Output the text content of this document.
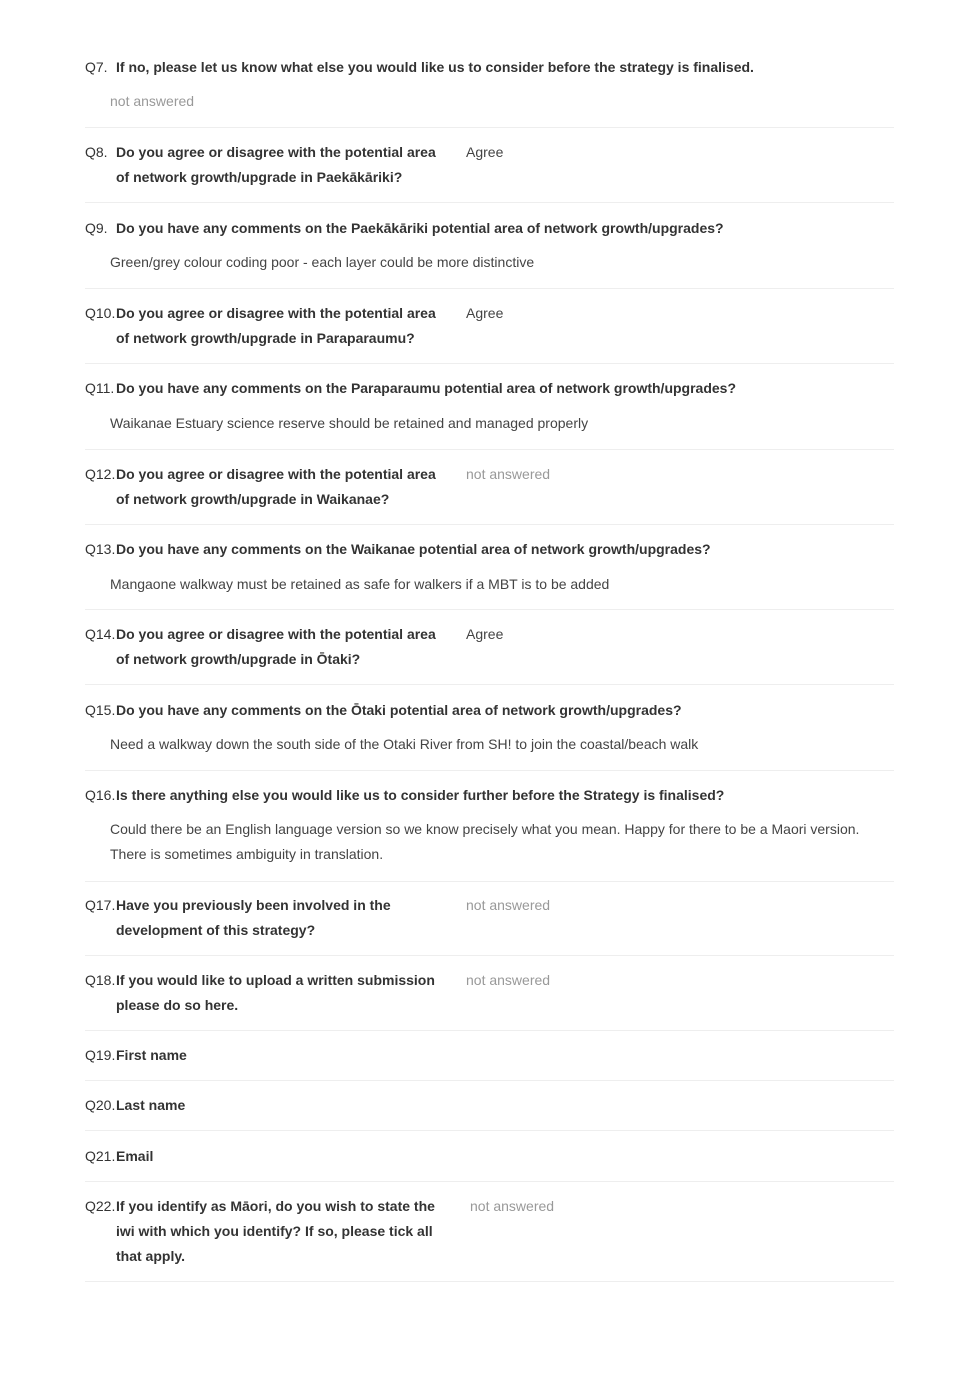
Q7. If no, please let us know what else you would like us to consider before the strategy is finalised.
not answered
Q8. Do you agree or disagree with the potential area of network growth/upgrade in Paekākāriki?
Agree
Q9. Do you have any comments on the Paekākāriki potential area of network growth/upgrades?
Green/grey colour coding poor - each layer could be more distinctive
Q10. Do you agree or disagree with the potential area of network growth/upgrade in Paraparaumu?
Agree
Q11. Do you have any comments on the Paraparaumu potential area of network growth/upgrades?
Waikanae Estuary science reserve should be retained and managed properly
Q12. Do you agree or disagree with the potential area of network growth/upgrade in Waikanae?
not answered
Q13. Do you have any comments on the Waikanae potential area of network growth/upgrades?
Mangaone walkway must be retained as safe for walkers if a MBT is to be added
Q14. Do you agree or disagree with the potential area of network growth/upgrade in Ōtaki?
Agree
Q15. Do you have any comments on the Ōtaki potential area of network growth/upgrades?
Need a walkway down the south side of the Otaki River from SH! to join the coastal/beach walk
Q16. Is there anything else you would like us to consider further before the Strategy is finalised?
Could there be an English language version so we know precisely what you mean. Happy for there to be a Maori version. There is sometimes ambiguity in translation.
Q17. Have you previously been involved in the development of this strategy?
not answered
Q18. If you would like to upload a written submission please do so here.
not answered
Q19. First name
Q20. Last name
Q21. Email
Q22. If you identify as Māori, do you wish to state the iwi with which you identify? If so, please tick all that apply.
not answered
